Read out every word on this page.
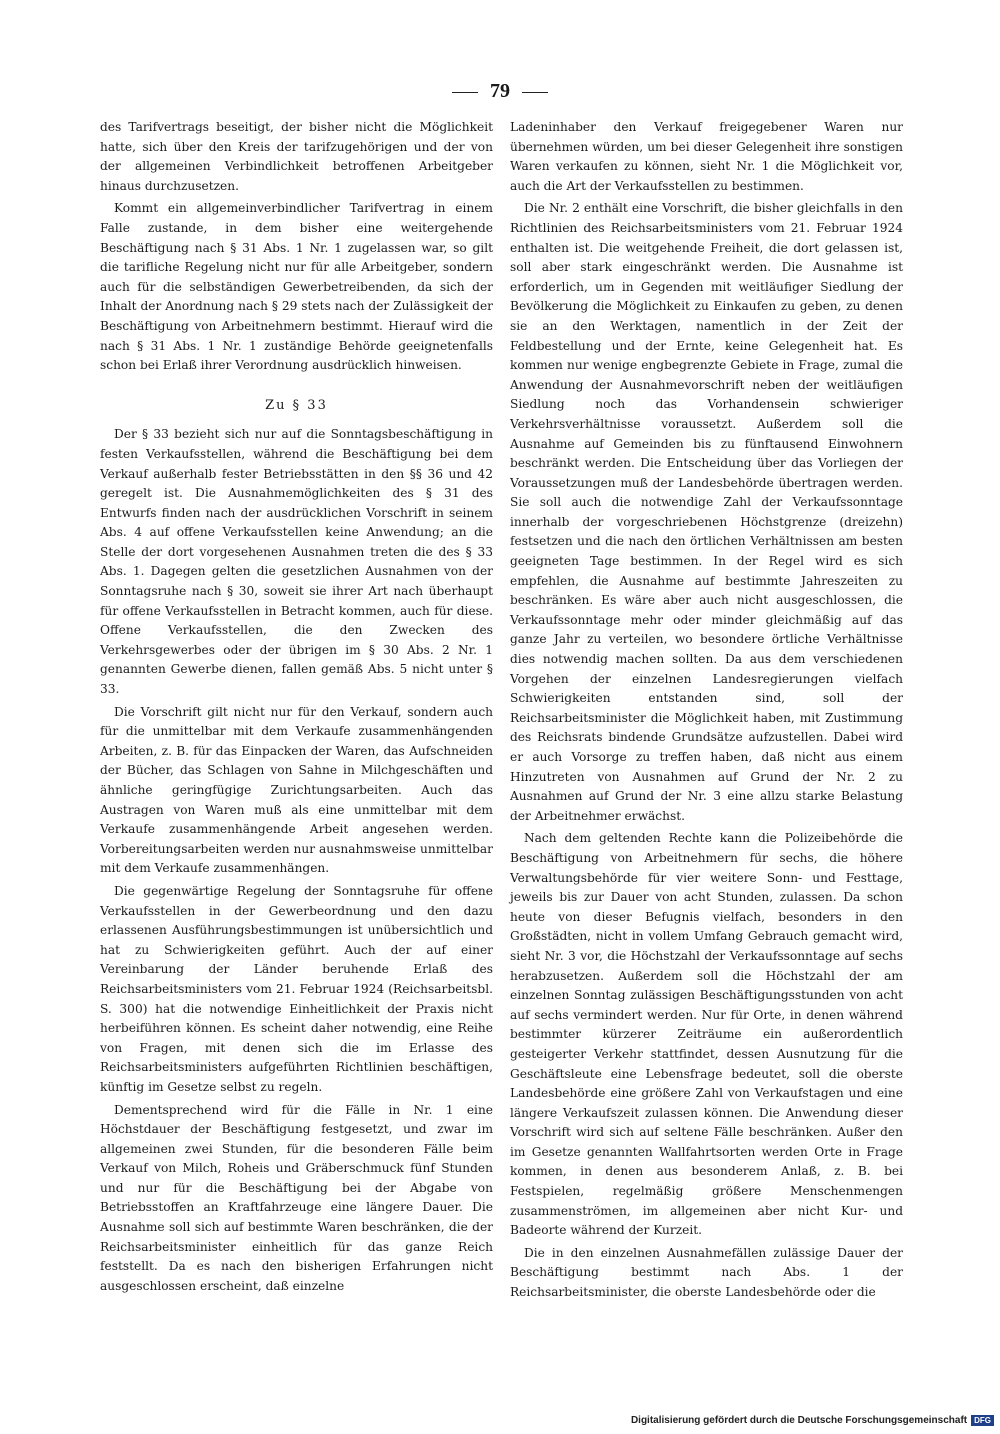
79

des Tarifvertrags beseitigt, der bisher nicht die Möglichkeit hatte, sich über den Kreis der tarifzugehörigen und der von der allgemeinen Verbindlichkeit betroffenen Arbeitgeber hinaus durchzusetzen.

Kommt ein allgemeinverbindlicher Tarifvertrag in einem Falle zustande, in dem bisher eine weitergehende Beschäftigung nach § 31 Abs. 1 Nr. 1 zugelassen war, so gilt die tarifliche Regelung nicht nur für alle Arbeitgeber, sondern auch für die selbständigen Gewerbetreibenden, da sich der Inhalt der Anordnung nach § 29 stets nach der Zulässigkeit der Beschäftigung von Arbeitnehmern bestimmt. Hierauf wird die nach § 31 Abs. 1 Nr. 1 zuständige Behörde geeignetenfalls schon bei Erlaß ihrer Verordnung ausdrücklich hinweisen.

Zu § 33

Der § 33 bezieht sich nur auf die Sonntagsbeschäftigung in festen Verkaufsstellen, während die Beschäftigung bei dem Verkauf außerhalb fester Betriebsstätten in den §§ 36 und 42 geregelt ist. Die Ausnahmemöglichkeiten des § 31 des Entwurfs finden nach der ausdrücklichen Vorschrift in seinem Abs. 4 auf offene Verkaufsstellen keine Anwendung; an die Stelle der dort vorgesehenen Ausnahmen treten die des § 33 Abs. 1. Dagegen gelten die gesetzlichen Ausnahmen von der Sonntagsruhe nach § 30, soweit sie ihrer Art nach überhaupt für offene Verkaufsstellen in Betracht kommen, auch für diese. Offene Verkaufsstellen, die den Zwecken des Verkehrsgewerbes oder der übrigen im § 30 Abs. 2 Nr. 1 genannten Gewerbe dienen, fallen gemäß Abs. 5 nicht unter § 33.

Die Vorschrift gilt nicht nur für den Verkauf, sondern auch für die unmittelbar mit dem Verkaufe zusammenhängenden Arbeiten, z. B. für das Einpacken der Waren, das Aufschneiden der Bücher, das Schlagen von Sahne in Milchgeschäften und ähnliche geringfügige Zurichtungsarbeiten. Auch das Austragen von Waren muß als eine unmittelbar mit dem Verkaufe zusammenhängende Arbeit angesehen werden. Vorbereitungsarbeiten werden nur ausnahmsweise unmittelbar mit dem Verkaufe zusammenhängen.

Die gegenwärtige Regelung der Sonntagsruhe für offene Verkaufsstellen in der Gewerbeordnung und den dazu erlassenen Ausführungsbestimmungen ist unübersichtlich und hat zu Schwierigkeiten geführt. Auch der auf einer Vereinbarung der Länder beruhende Erlaß des Reichsarbeitsministers vom 21. Februar 1924 (Reichsarbeitsbl. S. 300) hat die notwendige Einheitlichkeit der Praxis nicht herbeiführen können. Es scheint daher notwendig, eine Reihe von Fragen, mit denen sich die im Erlasse des Reichsarbeitsministers aufgeführten Richtlinien beschäftigen, künftig im Gesetze selbst zu regeln.

Dementsprechend wird für die Fälle in Nr. 1 eine Höchstdauer der Beschäftigung festgesetzt, und zwar im allgemeinen zwei Stunden, für die besonderen Fälle beim Verkauf von Milch, Roheis und Gräberschmuck fünf Stunden und nur für die Beschäftigung bei der Abgabe von Betriebsstoffen an Kraftfahrzeuge eine längere Dauer. Die Ausnahme soll sich auf bestimmte Waren beschränken, die der Reichsarbeitsminister einheitlich für das ganze Reich feststellt. Da es nach den bisherigen Erfahrungen nicht ausgeschlossen erscheint, daß einzelne

Ladeninhaber den Verkauf freigegebener Waren nur übernehmen würden, um bei dieser Gelegenheit ihre sonstigen Waren verkaufen zu können, sieht Nr. 1 die Möglichkeit vor, auch die Art der Verkaufsstellen zu bestimmen.

Die Nr. 2 enthält eine Vorschrift, die bisher gleichfalls in den Richtlinien des Reichsarbeitsministers vom 21. Februar 1924 enthalten ist. Die weitgehende Freiheit, die dort gelassen ist, soll aber stark eingeschränkt werden. Die Ausnahme ist erforderlich, um in Gegenden mit weitläufiger Siedlung der Bevölkerung die Möglichkeit zu Einkaufen zu geben, zu denen sie an den Werktagen, namentlich in der Zeit der Feldbestellung und der Ernte, keine Gelegenheit hat. Es kommen nur wenige engbegrenzte Gebiete in Frage, zumal die Anwendung der Ausnahmevorschrift neben der weitläufigen Siedlung noch das Vorhandensein schwieriger Verkehrsverhältnisse voraussetzt. Außerdem soll die Ausnahme auf Gemeinden bis zu fünftausend Einwohnern beschränkt werden. Die Entscheidung über das Vorliegen der Voraussetzungen muß der Landesbehörde übertragen werden. Sie soll auch die notwendige Zahl der Verkaufssonntage innerhalb der vorgeschriebenen Höchstgrenze (dreizehn) festsetzen und die nach den örtlichen Verhältnissen am besten geeigneten Tage bestimmen. In der Regel wird es sich empfehlen, die Ausnahme auf bestimmte Jahreszeiten zu beschränken. Es wäre aber auch nicht ausgeschlossen, die Verkaufssonntage mehr oder minder gleichmäßig auf das ganze Jahr zu verteilen, wo besondere örtliche Verhältnisse dies notwendig machen sollten. Da aus dem verschiedenen Vorgehen der einzelnen Landesregierungen vielfach Schwierigkeiten entstanden sind, soll der Reichsarbeitsminister die Möglichkeit haben, mit Zustimmung des Reichsrats bindende Grundsätze aufzustellen. Dabei wird er auch Vorsorge zu treffen haben, daß nicht aus einem Hinzutreten von Ausnahmen auf Grund der Nr. 2 zu Ausnahmen auf Grund der Nr. 3 eine allzu starke Belastung der Arbeitnehmer erwächst.

Nach dem geltenden Rechte kann die Polizeibehörde die Beschäftigung von Arbeitnehmern für sechs, die höhere Verwaltungsbehörde für vier weitere Sonn- und Festtage, jeweils bis zur Dauer von acht Stunden, zulassen. Da schon heute von dieser Befugnis vielfach, besonders in den Großstädten, nicht in vollem Umfang Gebrauch gemacht wird, sieht Nr. 3 vor, die Höchstzahl der Verkaufssonntage auf sechs herabzusetzen. Außerdem soll die Höchstzahl der am einzelnen Sonntag zulässigen Beschäftigungsstunden von acht auf sechs vermindert werden. Nur für Orte, in denen während bestimmter kürzerer Zeiträume ein außerordentlich gesteigerter Verkehr stattfindet, dessen Ausnutzung für die Geschäftsleute eine Lebensfrage bedeutet, soll die oberste Landesbehörde eine größere Zahl von Verkaufstagen und eine längere Verkaufszeit zulassen können. Die Anwendung dieser Vorschrift wird sich auf seltene Fälle beschränken. Außer den im Gesetze genannten Wallfahrtsorten werden Orte in Frage kommen, in denen aus besonderem Anlaß, z. B. bei Festspielen, regelmäßig größere Menschenmengen zusammenströmen, im allgemeinen aber nicht Kur- und Badeorte während der Kurzeit.

Die in den einzelnen Ausnahmefällen zulässige Dauer der Beschäftigung bestimmt nach Abs. 1 der Reichsarbeitsminister, die oberste Landesbehörde oder die

Digitalisierung gefördert durch die Deutsche Forschungsgemeinschaft DFG
